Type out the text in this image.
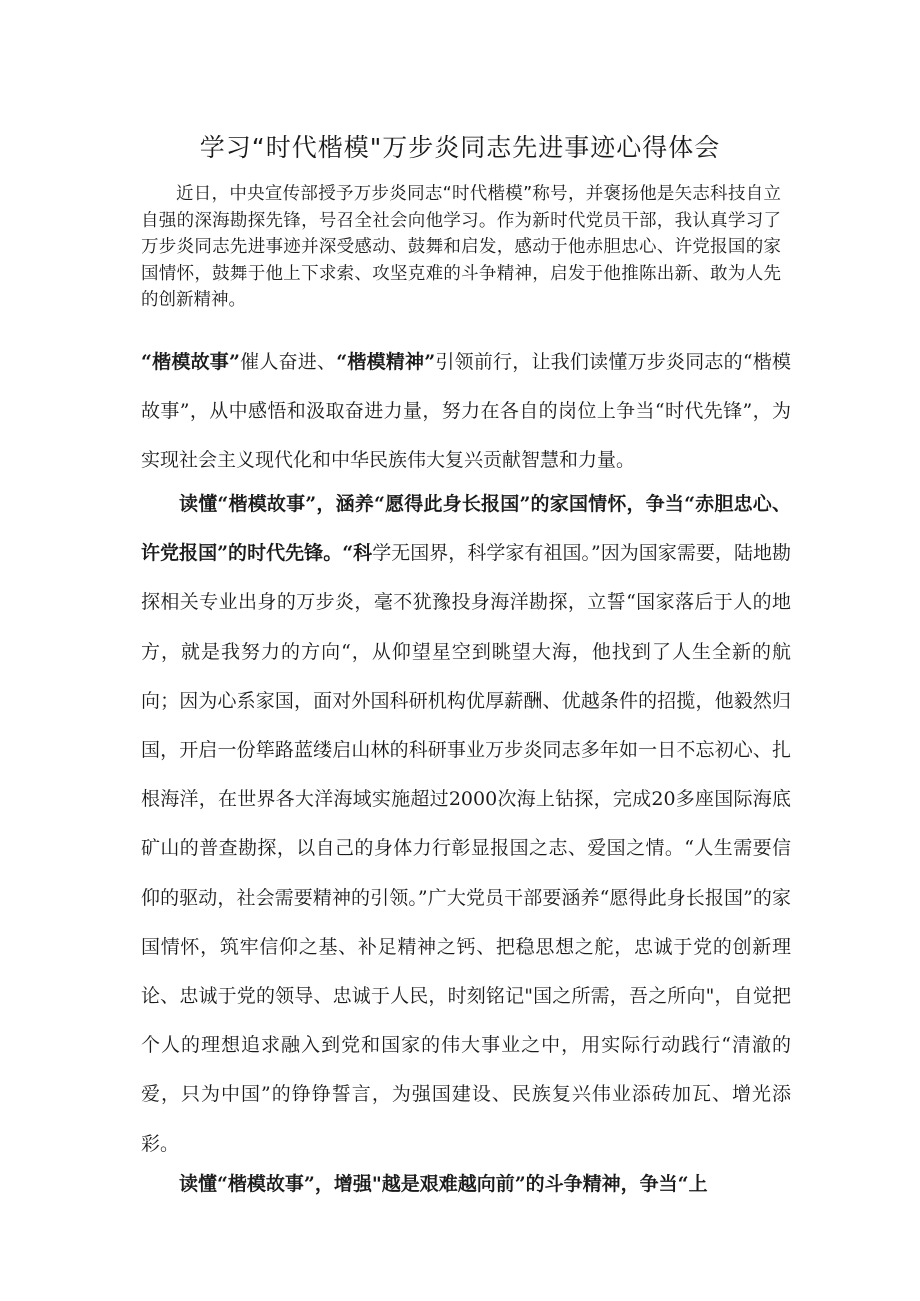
学习“时代楷模"万步炎同志先进事迹心得体会

近日，中央宣传部授予万步炎同志“时代楷模”称号，并褒扬他是矢志科技自立自强的深海勘探先锋，号召全社会向他学习。作为新时代党员干部，我认真学习了万步炎同志先进事迹并深受感动、鼓舞和启发，感动于他赤胆忠心、许党报国的家国情怀，鼓舞于他上下求索、攻坚克难的斗争精神，启发于他推陈出新、敢为人先的创新精神。

“楷模故事”催人奋进、“楷模精神”引领前行，让我们读懂万步炎同志的“楷模故事”，从中感悟和汲取奋进力量，努力在各自的岗位上争当“时代先锋”，为实现社会主义现代化和中华民族伟大复兴贡献智慧和力量。

读懂“楷模故事”，涵养“愿得此身长报国”的家国情怀，争当“赤胆忠心、许党报国”的时代先锋。“科学无国界，科学家有祖国。”因为国家需要，陆地勘探相关专业出身的万步炎，毫不犹豫投身海洋勘探，立誓“国家落后于人的地方，就是我努力的方向“，从仰望星空到眺望大海，他找到了人生全新的航向；因为心系家国，面对外国科研机构优厚薪酬、优越条件的招揽，他毅然归国，开启一份筚路蓝缕启山林的科研事业万步炎同志多年如一日不忘初心、扎根海洋，在世界各大洋海域实施超过2000次海上钻探，完成20多座国际海底矿山的普查勘探，以自己的身体力行彰显报国之志、爱国之情。“人生需要信仰的驱动，社会需要精神的引领。”广大党员干部要涵养“愿得此身长报国”的家国情怀，筑牢信仰之基、补足精神之钙、把稳思想之舵，忠诚于党的创新理论、忠诚于党的领导、忠诚于人民，时刻铭记"国之所需，吾之所向"，自觉把个人的理想追求融入到党和国家的伟大事业之中，用实际行动践行“清澈的爱，只为中国”的铮铮誓言，为强国建设、民族复兴伟业添砖加瓦、增光添彩。

读懂“楷模故事”，增强"越是艰难越向前”的斗争精神，争当“上
